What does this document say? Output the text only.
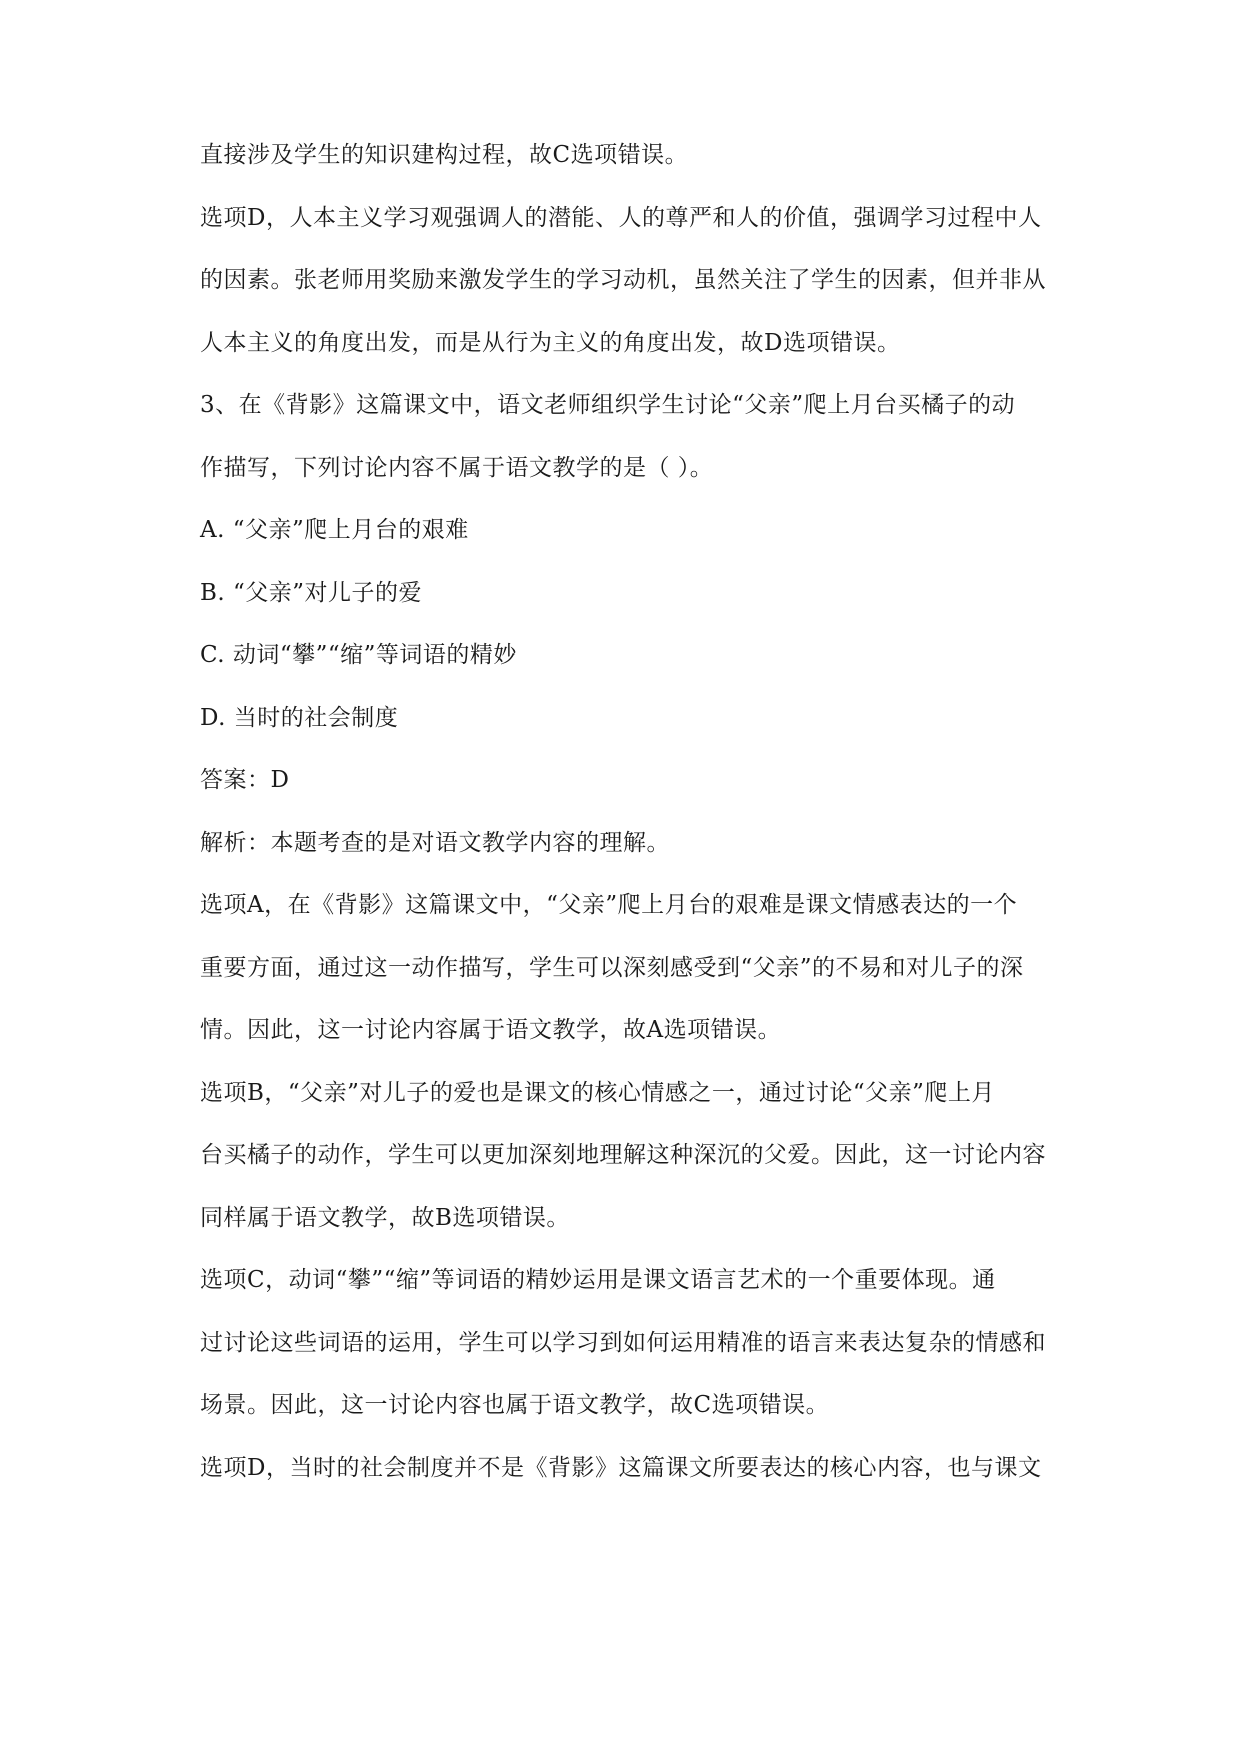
直接涉及学生的知识建构过程，故C选项错误。
选项D，人本主义学习观强调人的潜能、人的尊严和人的价值，强调学习过程中人
的因素。张老师用奖励来激发学生的学习动机，虽然关注了学生的因素，但并非从
人本主义的角度出发，而是从行为主义的角度出发，故D选项错误。
3、在《背影》这篇课文中，语文老师组织学生讨论“父亲”爬上月台买橘子的动
作描写，下列讨论内容不属于语文教学的是（ ）。
A. “父亲”爬上月台的艰难
B. “父亲”对儿子的爱
C. 动词“攀”“缩”等词语的精妙
D. 当时的社会制度
答案：D
解析：本题考查的是对语文教学内容的理解。
选项A，在《背影》这篇课文中，“父亲”爬上月台的艰难是课文情感表达的一个
重要方面，通过这一动作描写，学生可以深刻感受到“父亲”的不易和对儿子的深
情。因此，这一讨论内容属于语文教学，故A选项错误。
选项B，“父亲”对儿子的爱也是课文的核心情感之一，通过讨论“父亲”爬上月
台买橘子的动作，学生可以更加深刻地理解这种深沉的父爱。因此，这一讨论内容
同样属于语文教学，故B选项错误。
选项C，动词“攀”“缩”等词语的精妙运用是课文语言艺术的一个重要体现。通
过讨论这些词语的运用，学生可以学习到如何运用精准的语言来表达复杂的情感和
场景。因此，这一讨论内容也属于语文教学，故C选项错误。
选项D，当时的社会制度并不是《背影》这篇课文所要表达的核心内容，也与课文
